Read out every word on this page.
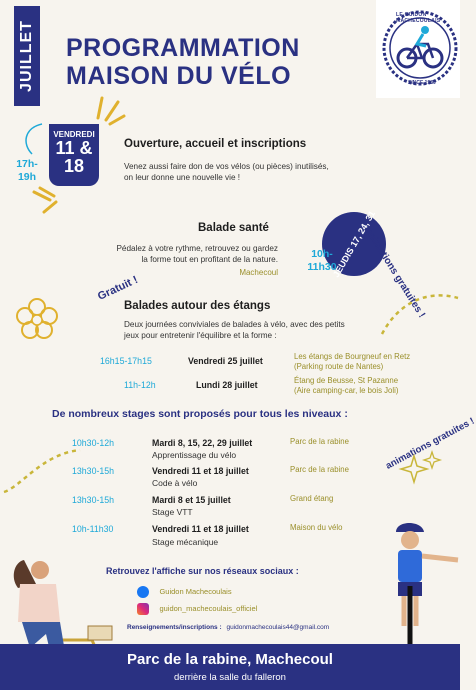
JUILLET PROGRAMMATION
MAISON DU VÉLO
LE GUIDON MACHECOULAIS
SINCE 1980
VENDREDI
11 &
18
17h-
19h
Ouverture, accueil et inscriptions
Venez aussi faire don de vos vélos (ou pièces) inutilisés,
on leur donne une nouvelle vie !
Balade santé
Pédalez à votre rythme, retrouvez ou gardez
la forme tout en profitant de la nature.
Machecoul	JEUDIS 17, 24, 31
animations gratuites !
10h-
11h30
Gratuit !
Balades autour des étangs
Deux journées conviviales de balades à vélo, avec des petits
jeux pour entretenir l'équilibre et la forme :
16h15-17h15	Vendredi 25 juillet	Les étangs de Bourgneuf en Retz
(Parking route de Nantes)
11h-12h	Lundi 28 juillet	Étang de Beusse, St Pazanne
(Aire camping-car, le bois Joli)
De nombreux stages sont proposés pour tous les niveaux :
animations gratuites !
10h30-12h	Mardi 8, 15, 22, 29 juillet
Apprentissage du vélo
Parc de la rabine
13h30-15h	Vendredi 11 et 18 juillet
Code à vélo
Parc de la rabine
13h30-15h	Mardi 8 et 15 juillet
Stage VTT
Grand étang
10h-11h30	Vendredi 11 et 18 juillet
Stage mécanique
Maison du vélo
Retrouvez l'affiche sur nos réseaux sociaux :
Guidon Machecoulais
guidon_machecoulais_officiel
Renseignements/inscriptions : guidonmachecoulais44@gmail.com
Parc de la rabine, Machecoul
derrière la salle du falleron
